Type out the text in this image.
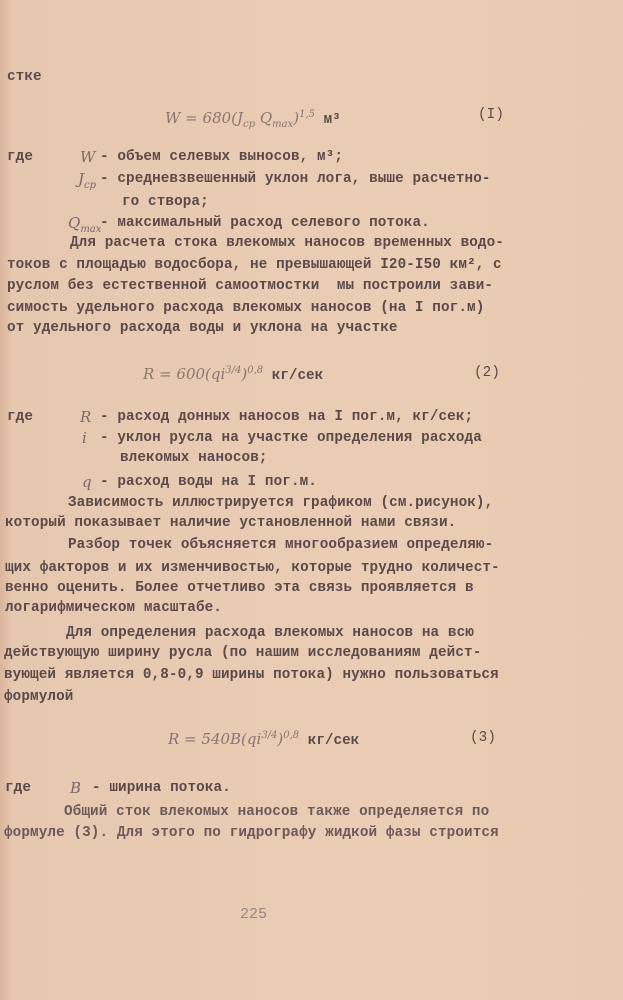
стке
$W = 680(J_{ср}$ $Q_{max})^{1,5}$ м³	(I)
где	W - объем селевых выносов, м³;
$J_{ср}$ - средневзвешенный уклон лога, выше расчетно-
го створа;
$Q_{max}$
- максимальный расход селевого потока.
Для расчета стока влекомых наносов временных водо-
токов с площадью водосбора, не превышающей I20-I50 км², с
руслом без естественной самоотмостки  мы построили зави-
симость удельного расхода влекомых наносов (на I пог.м)
от удельного расхода воды и уклона на участке
$R = 600(qi^{3/4})^{0,8}$ кг/сек	(2)
где	R - расход донных наносов на I пог.м, кг/сек;
i - уклон русла на участке определения расхода
влекомых наносов;
q - расход воды на I пог.м.
Зависимость иллюстрируется графиком (см.рисунок),
который показывает наличие установленной нами связи.
Разбор точек объясняется многообразием определяю-
щих факторов и их изменчивостью, которые трудно количест-
венно оценить. Более отчетливо эта связь проявляется в
логарифмическом масштабе.
Для определения расхода влекомых наносов на всю
действующую ширину русла (по нашим исследованиям дейст-
вующей является 0,8-0,9 ширины потока) нужно пользоваться
формулой
$R = 540B(qi^{3/4})^{0,8}$ кг/сек	(3)
где	B - ширина потока.
Общий сток влекомых наносов также определяется по
формуле (3). Для этого по гидрографу жидкой фазы строится
225
